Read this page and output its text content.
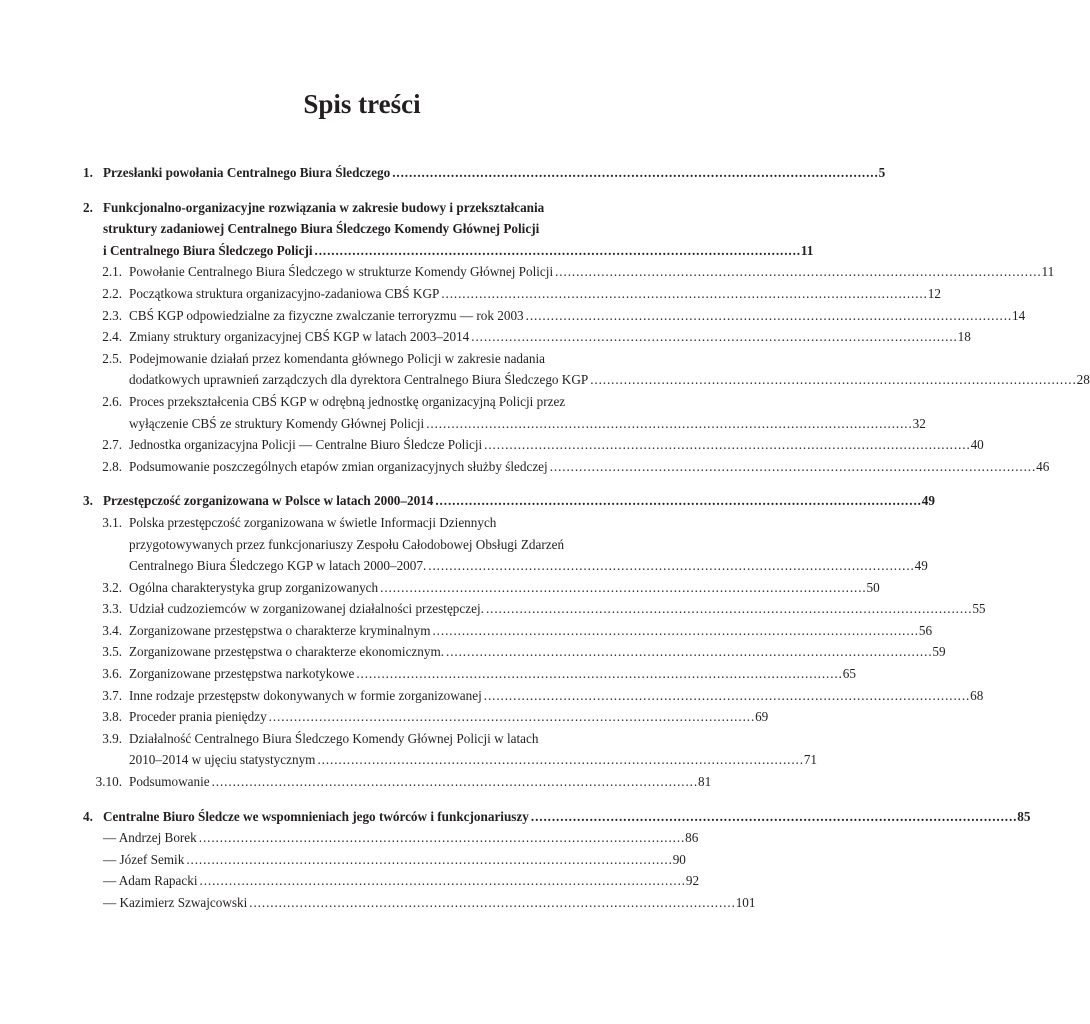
Spis treści
1. Przesłanki powołania Centralnego Biura Śledczego . . .	5
2. Funkcjonalno-organizacyjne rozwiązania w zakresie budowy i przekształcania
struktury zadaniowej Centralnego Biura Śledczego Komendy Głównej Policji
i Centralnego Biura Śledczego Policji . . .	11
2.1. Powołanie Centralnego Biura Śledczego w strukturze Komendy Głównej Policji . . .	11
2.2. Początkowa struktura organizacyjno-zadaniowa CBŚ KGP . . .	12
2.3. CBŚ KGP odpowiedzialne za fizyczne zwalczanie terroryzmu — rok 2003 . . .	14
2.4. Zmiany struktury organizacyjnej CBŚ KGP w latach 2003–2014 . . .	18
2.5. Podejmowanie działań przez komendanta głównego Policji w zakresie nadania
dodatkowych uprawnień zarządczych dla dyrektora Centralnego Biura Śledczego KGP . . .	28
2.6. Proces przekształcenia CBŚ KGP w odrębną jednostkę organizacyjną Policji przez
wyłączenie CBŚ ze struktury Komendy Głównej Policji . . .	32
2.7. Jednostka organizacyjna Policji — Centralne Biuro Śledcze Policji . . .	40
2.8. Podsumowanie poszczególnych etapów zmian organizacyjnych służby śledczej . . .	46
3. Przestępczość zorganizowana w Polsce w latach 2000–2014 . . .	49
3.1. Polska przestępczość zorganizowana w świetle Informacji Dziennych
przygotowywanych przez funkcjonariuszy Zespołu Całodobowej Obsługi Zdarzeń
Centralnego Biura Śledczego KGP w latach 2000–2007. . . .	49
3.2. Ogólna charakterystyka grup zorganizowanych . . .	50
3.3. Udział cudzoziemców w zorganizowanej działalności przestępczej. . . .	55
3.4. Zorganizowane przestępstwa o charakterze kryminalnym . . .	56
3.5. Zorganizowane przestępstwa o charakterze ekonomicznym. . . .	59
3.6. Zorganizowane przestępstwa narkotykowe . . .	65
3.7. Inne rodzaje przestępstw dokonywanych w formie zorganizowanej . . .	68
3.8. Proceder prania pieniędzy . . .	69
3.9. Działalność Centralnego Biura Śledczego Komendy Głównej Policji w latach
2010–2014 w ujęciu statystycznym . . .	71
3.10. Podsumowanie . . .	81
4. Centralne Biuro Śledcze we wspomnieniach jego twórców i funkcjonariuszy . . .	85
— Andrzej Borek . . .	86
— Józef Semik . . .	90
— Adam Rapacki . . .	92
— Kazimierz Szwajcowski . . .	101
